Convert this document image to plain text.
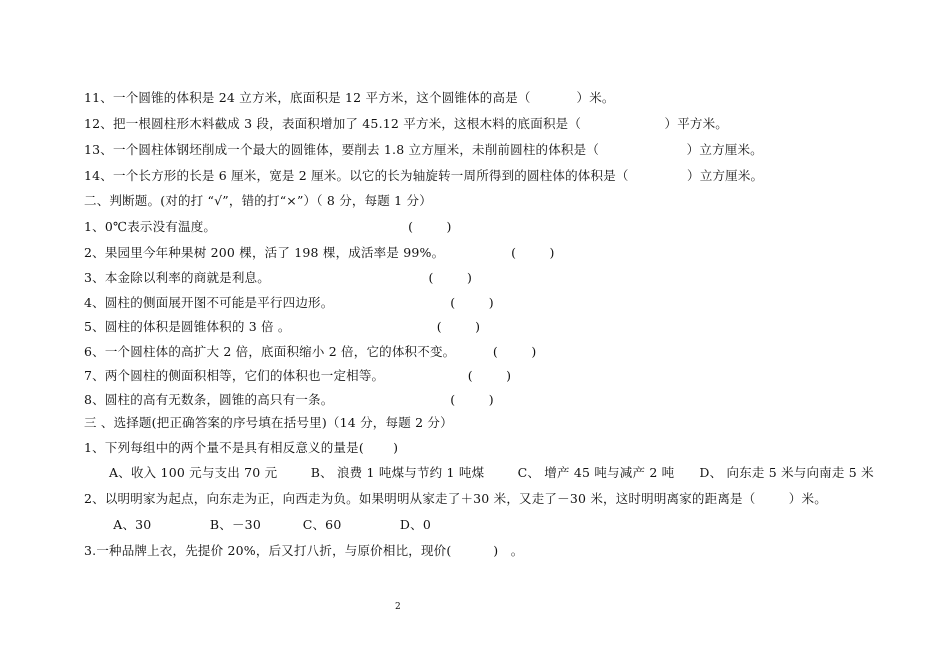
11、一个圆锥的体积是 24 立方米，底面积是 12 平方米，这个圆锥体的高是（           ）米。
12、把一根圆柱形木料截成 3 段，表面积增加了 45.12 平方米，这根木料的底面积是（                    ）平方米。
13、一个圆柱体钢坯削成一个最大的圆锥体，要削去 1.8 立方厘米，未削前圆柱的体积是（                     ）立方厘米。
14、一个长方形的长是 6 厘米，宽是 2 厘米。以它的长为轴旋转一周所得到的圆柱体的体积是（              ）立方厘米。
二、判断题。(对的打 “√”，错的打“×”）（ 8 分，每题 1 分）
1、0℃表示没有温度。                                              (        )
2、果园里今年种果树 200 棵，活了 198 棵，成活率是 99%。                (        )
3、本金除以利率的商就是利息。                                      (        )
4、圆柱的侧面展开图不可能是平行四边形。                            (        )
5、圆柱的体积是圆锥体积的 3 倍 。                                   (        )
6、一个圆柱体的高扩大 2 倍，底面积缩小 2 倍，它的体积不变。         (        )
7、两个圆柱的侧面积相等，它们的体积也一定相等。                    (        )
8、圆柱的高有无数条，圆锥的高只有一条。                            (        )
三 、选择题(把正确答案的序号填在括号里)（14 分，每题 2 分）
1、下列每组中的两个量不是具有相反意义的量是(       )
A、收入 100 元与支出 70 元        B、 浪费 1 吨煤与节约 1 吨煤        C、 增产 45 吨与减产 2 吨      D、 向东走 5 米与向南走 5 米
2、以明明家为起点，向东走为正，向西走为负。如果明明从家走了＋30 米，又走了－30 米，这时明明离家的距离是（        ）米。
A、30              B、－30          C、60              D、0
3.一种品牌上衣，先提价 20%，后又打八折，与原价相比，现价(          )   。
2
